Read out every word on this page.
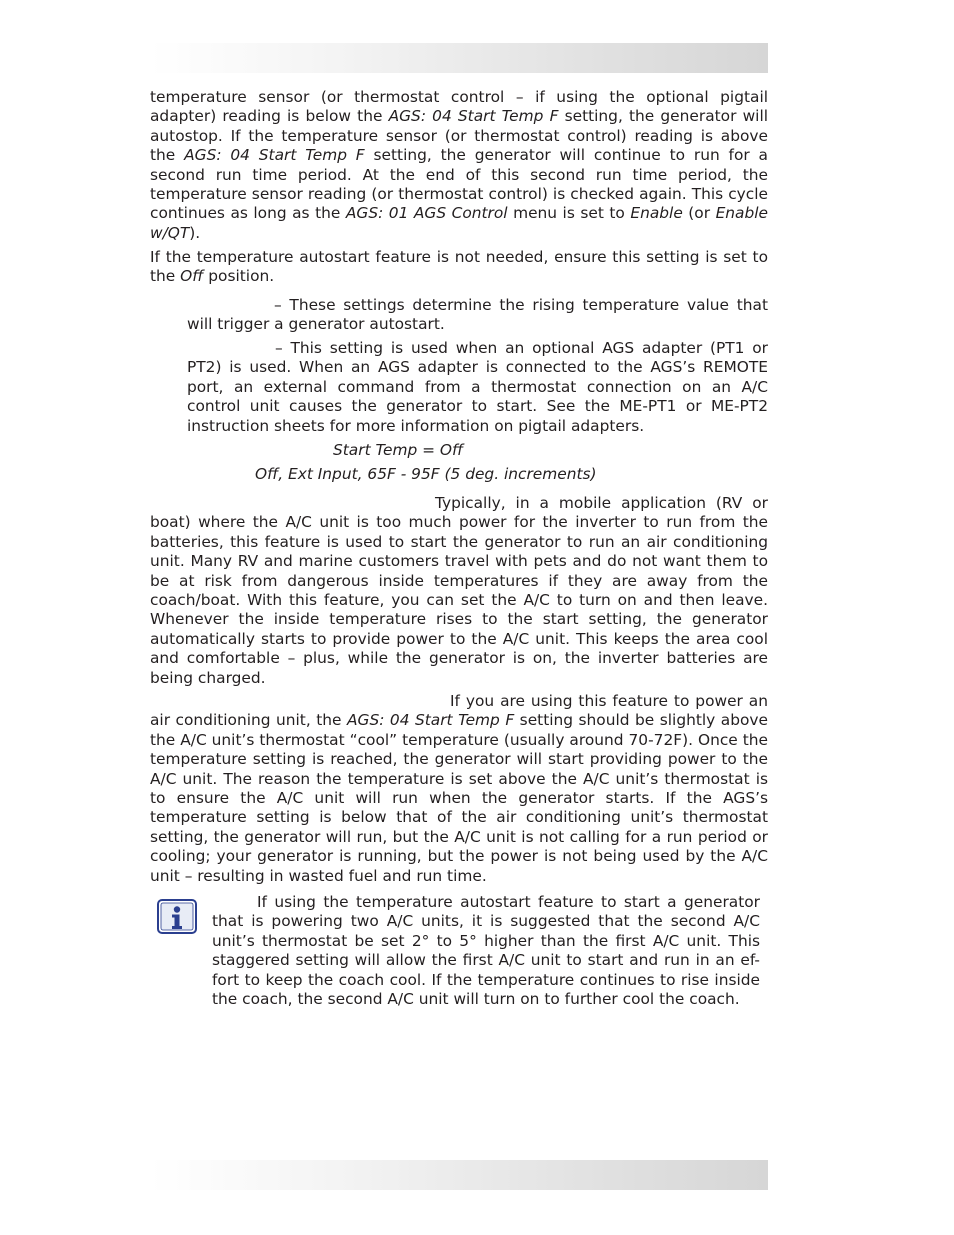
temperature sensor (or thermostat control – if using the optional pigtail adapter) reading is below the AGS: 04 Start Temp F setting, the generator will autostop. If the temperature sensor (or thermostat control) reading is above the AGS: 04 Start Temp F setting, the generator will continue to run for a second run time period. At the end of this second run time period, the temperature sensor reading (or thermostat control) is checked again. This cycle continues as long as the AGS: 01 AGS Control menu is set to Enable (or Enable w/QT).

If the temperature autostart feature is not needed, ensure this setting is set to the Off position.

– These settings determine the rising temperature value that will trigger a generator autostart.

– This setting is used when an optional AGS adapter (PT1 or PT2) is used. When an AGS adapter is connected to the AGS’s REMOTE port, an external command from a thermostat connection on an A/C control unit causes the generator to start. See the ME-PT1 or ME-PT2 instruction sheets for more information on pigtail adapters.

Start Temp = Off
Off, Ext Input, 65F - 95F (5 deg. increments)

Typically, in a mobile application (RV or boat) where the A/C unit is too much power for the inverter to run from the batteries, this feature is used to start the generator to run an air conditioning unit. Many RV and marine customers travel with pets and do not want them to be at risk from dangerous inside temperatures if they are away from the coach/boat. With this feature, you can set the A/C to turn on and then leave. Whenever the inside temperature rises to the start setting, the generator automatically starts to provide power to the A/C unit. This keeps the area cool and comfortable – plus, while the generator is on, the inverter batteries are being charged.

If you are using this feature to power an air conditioning unit, the AGS: 04 Start Temp F setting should be slightly above the A/C unit’s thermostat “cool” temperature (usually around 70-72F). Once the temperature setting is reached, the generator will start providing power to the A/C unit. The reason the temperature is set above the A/C unit’s thermostat is to ensure the A/C unit will run when the generator starts. If the AGS’s temperature setting is below that of the air conditioning unit’s thermostat setting, the generator will run, but the A/C unit is not calling for a run period or cooling; your generator is running, but the power is not being used by the A/C unit – resulting in wasted fuel and run time.

If using the temperature autostart feature to start a generator that is powering two A/C units, it is suggested that the second A/C unit’s thermostat be set 2° to 5° higher than the first A/C unit. This staggered setting will allow the first A/C unit to start and run in an ef-fort to keep the coach cool. If the temperature continues to rise inside the coach, the second A/C unit will turn on to further cool the coach.
